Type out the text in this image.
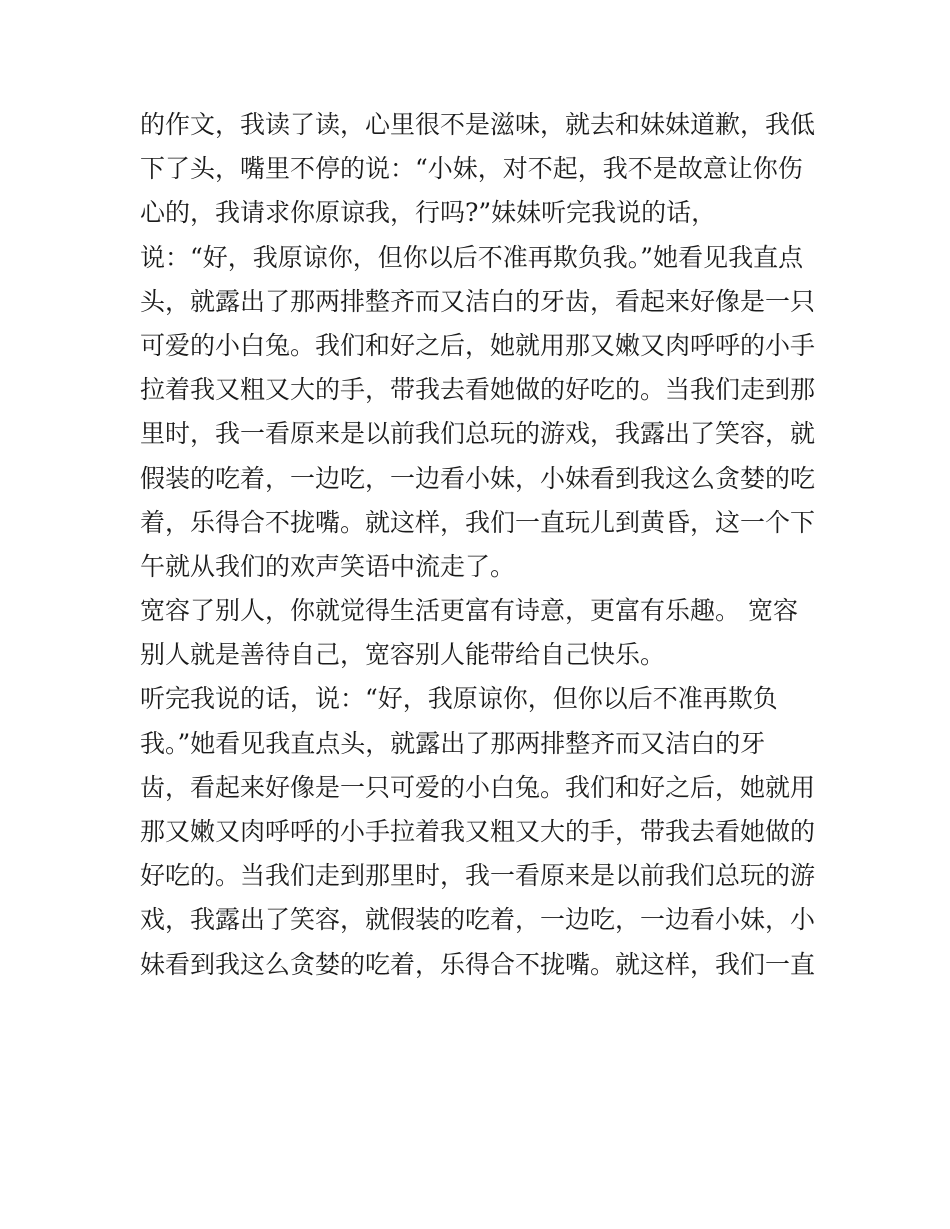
的作文，我读了读，心里很不是滋味，就去和妹妹道歉，我低
下了头，嘴里不停的说：“小妹，对不起，我不是故意让你伤
心的，我请求你原谅我，行吗?”妹妹听完我说的话，
说：“好，我原谅你，但你以后不准再欺负我。”她看见我直点
头，就露出了那两排整齐而又洁白的牙齿，看起来好像是一只
可爱的小白兔。我们和好之后，她就用那又嫩又肉呼呼的小手
拉着我又粗又大的手，带我去看她做的好吃的。当我们走到那
里时，我一看原来是以前我们总玩的游戏，我露出了笑容，就
假装的吃着，一边吃，一边看小妹，小妹看到我这么贪婪的吃
着，乐得合不拢嘴。就这样，我们一直玩儿到黄昏，这一个下
午就从我们的欢声笑语中流走了。
宽容了别人，你就觉得生活更富有诗意，更富有乐趣。 宽容
别人就是善待自己，宽容别人能带给自己快乐。
听完我说的话，说：“好，我原谅你，但你以后不准再欺负
我。”她看见我直点头，就露出了那两排整齐而又洁白的牙
齿，看起来好像是一只可爱的小白兔。我们和好之后，她就用
那又嫩又肉呼呼的小手拉着我又粗又大的手，带我去看她做的
好吃的。当我们走到那里时，我一看原来是以前我们总玩的游
戏，我露出了笑容，就假装的吃着，一边吃，一边看小妹，小
妹看到我这么贪婪的吃着，乐得合不拢嘴。就这样，我们一直
